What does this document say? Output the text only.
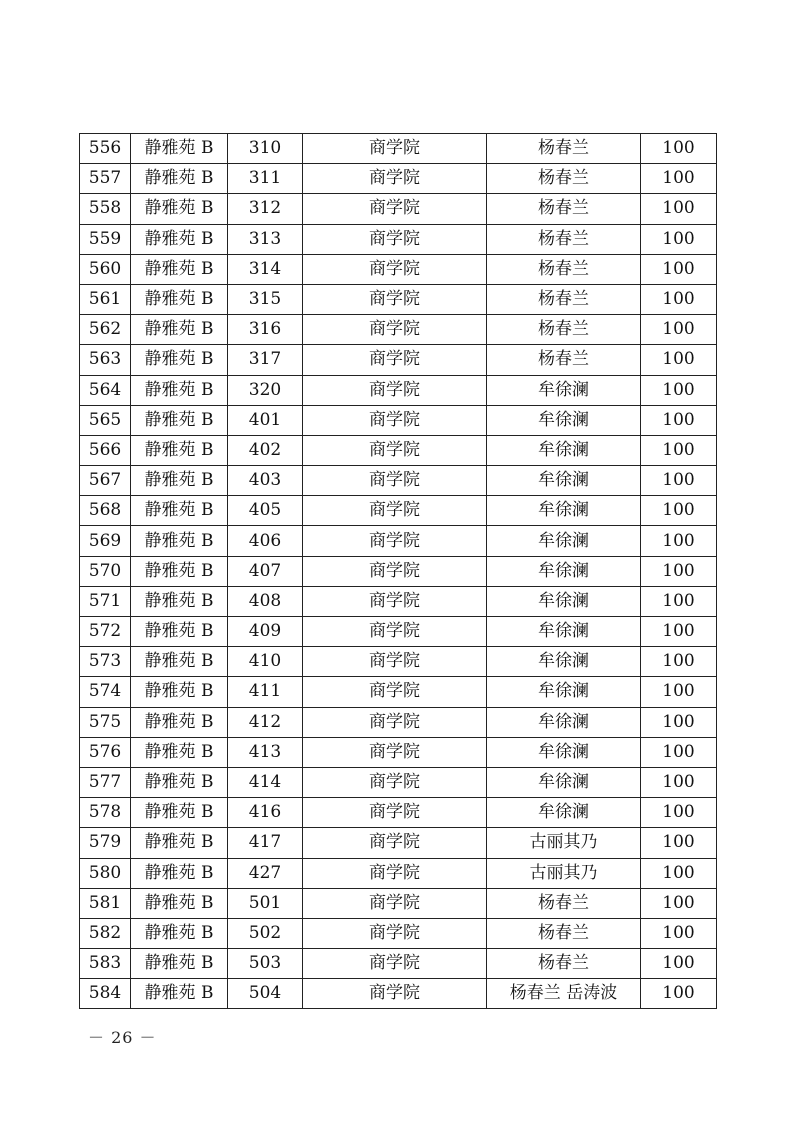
556	静雅苑 B	310	商学院	杨春兰	100
557	静雅苑 B	311	商学院	杨春兰	100
558	静雅苑 B	312	商学院	杨春兰	100
559	静雅苑 B	313	商学院	杨春兰	100
560	静雅苑 B	314	商学院	杨春兰	100
561	静雅苑 B	315	商学院	杨春兰	100
562	静雅苑 B	316	商学院	杨春兰	100
563	静雅苑 B	317	商学院	杨春兰	100
564	静雅苑 B	320	商学院	牟徐澜	100
565	静雅苑 B	401	商学院	牟徐澜	100
566	静雅苑 B	402	商学院	牟徐澜	100
567	静雅苑 B	403	商学院	牟徐澜	100
568	静雅苑 B	405	商学院	牟徐澜	100
569	静雅苑 B	406	商学院	牟徐澜	100
570	静雅苑 B	407	商学院	牟徐澜	100
571	静雅苑 B	408	商学院	牟徐澜	100
572	静雅苑 B	409	商学院	牟徐澜	100
573	静雅苑 B	410	商学院	牟徐澜	100
574	静雅苑 B	411	商学院	牟徐澜	100
575	静雅苑 B	412	商学院	牟徐澜	100
576	静雅苑 B	413	商学院	牟徐澜	100
577	静雅苑 B	414	商学院	牟徐澜	100
578	静雅苑 B	416	商学院	牟徐澜	100
579	静雅苑 B	417	商学院	古丽其乃	100
580	静雅苑 B	427	商学院	古丽其乃	100
581	静雅苑 B	501	商学院	杨春兰	100
582	静雅苑 B	502	商学院	杨春兰	100
583	静雅苑 B	503	商学院	杨春兰	100
584	静雅苑 B	504	商学院	杨春兰 岳涛波	100
－ 26 －
